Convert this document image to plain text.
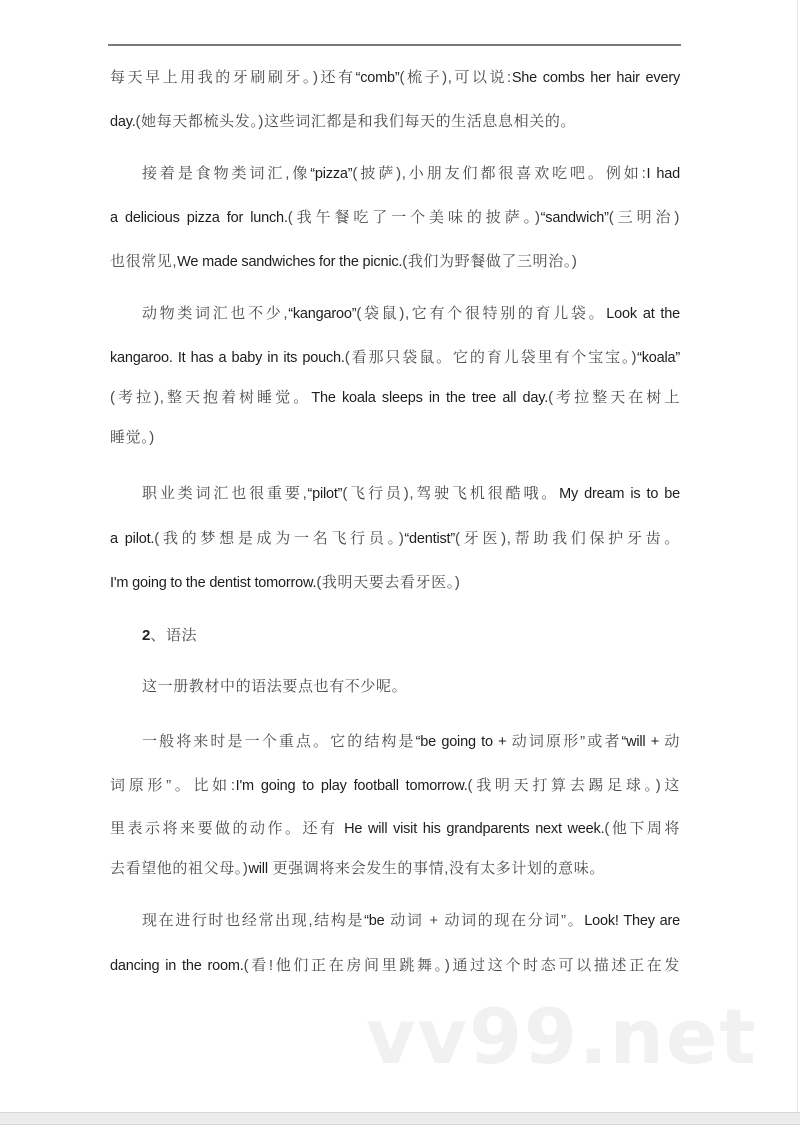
每天早上用我的牙刷刷牙。)还有“comb”(梳子),可以说:She combs her hair every
day.(她每天都梳头发。)这些词汇都是和我们每天的生活息息相关的。
接着是食物类词汇,像“pizza”(披萨),小朋友们都很喜欢吃吧。例如:I had
a delicious pizza for lunch.(我午餐吃了一个美味的披萨。)“sandwich”(三明治)
也很常见,We made sandwiches for the picnic.(我们为野餐做了三明治。)
动物类词汇也不少,“kangaroo”(袋鼠),它有个很特别的育儿袋。Look at the
kangaroo. It has a baby in its pouch.(看那只袋鼠。它的育儿袋里有个宝宝。)“koala”
(考拉),整天抱着树睡觉。The koala sleeps in the tree all day.(考拉整天在树上
睡觉。)
职业类词汇也很重要,“pilot”(飞行员),驾驶飞机很酷哦。My dream is to be
a pilot.(我的梦想是成为一名飞行员。)“dentist”(牙医),帮助我们保护牙齿。
I'm going to the dentist tomorrow.(我明天要去看牙医。)
2、语法
这一册教材中的语法要点也有不少呢。
一般将来时是一个重点。它的结构是“be going to + 动词原形”或者“will + 动
词原形”。比如:I'm going to play football tomorrow.(我明天打算去踢足球。)这
里表示将来要做的动作。还有 He will visit his grandparents next week.(他下周将
去看望他的祖父母。)will 更强调将来会发生的事情,没有太多计划的意味。
现在进行时也经常出现,结构是“be 动词 + 动词的现在分词”。Look! They are
dancing in the room.(看!他们正在房间里跳舞。)通过这个时态可以描述正在发
vv99.net
